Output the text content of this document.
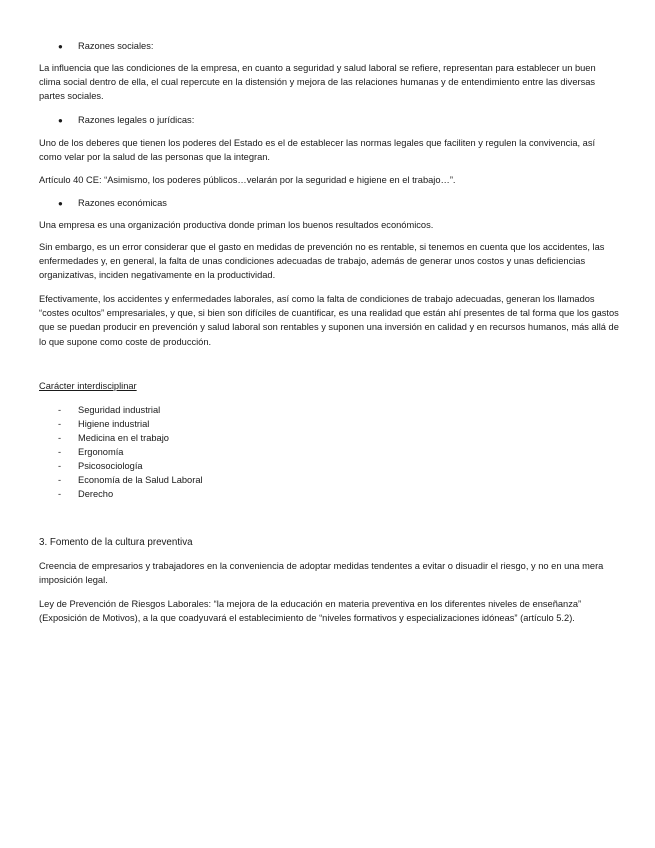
● Razones sociales:
La influencia que las condiciones de la empresa, en cuanto a seguridad y salud laboral se refiere, representan para establecer un buen clima social dentro de ella, el cual repercute en la distensión y mejora de las relaciones humanas y de entendimiento entre las diversas partes sociales.
● Razones legales o jurídicas:
Uno de los deberes que tienen los poderes del Estado es el de establecer las normas legales que faciliten y regulen la convivencia, así como velar por la salud de las personas que la integran.
Artículo 40 CE: “Asimismo, los poderes públicos…velarán por la seguridad e higiene en el trabajo…”.
● Razones económicas
Una empresa es una organización productiva donde priman los buenos resultados económicos.
Sin embargo, es un error considerar que el gasto en medidas de prevención no es rentable, si tenemos en cuenta que los accidentes, las enfermedades y, en general, la falta de unas condiciones adecuadas de trabajo, además de generar unos costos y unas deficiencias organizativas, inciden negativamente en la productividad.
Efectivamente, los accidentes y enfermedades laborales, así como la falta de condiciones de trabajo adecuadas, generan los llamados “costes ocultos” empresariales, y que, si bien son difíciles de cuantificar, es una realidad que están ahí presentes de tal forma que los gastos que se puedan producir en prevención y salud laboral son rentables y suponen una inversión en calidad y en recursos humanos, más allá de lo que supone como coste de producción.
Carácter interdisciplinar
- Seguridad industrial
- Higiene industrial
- Medicina en el trabajo
- Ergonomía
- Psicosociología
- Economía de la Salud Laboral
- Derecho
3. Fomento de la cultura preventiva
Creencia de empresarios y trabajadores en la conveniencia de adoptar medidas tendentes a evitar o disuadir el riesgo, y no en una mera imposición legal.
Ley de Prevención de Riesgos Laborales: “la mejora de la educación en materia preventiva en los diferentes niveles de enseñanza” (Exposición de Motivos), a la que coadyuvará el establecimiento de “niveles formativos y especializaciones idóneas” (artículo 5.2).
